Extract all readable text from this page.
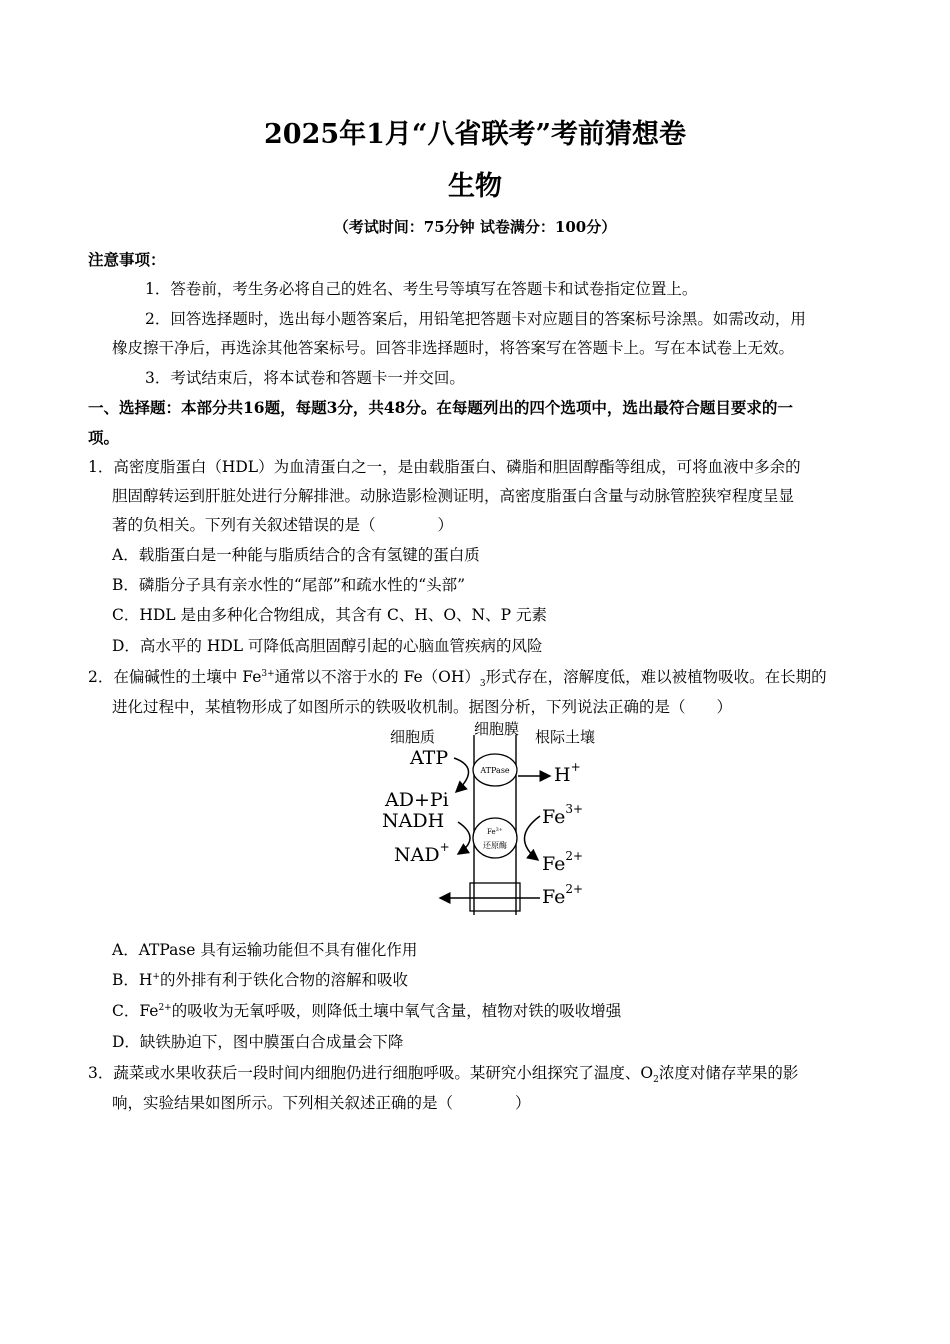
2025年1月“八省联考”考前猜想卷
生物
（考试时间：75分钟 试卷满分：100分）
注意事项：
1．答卷前，考生务必将自己的姓名、考生号等填写在答题卡和试卷指定位置上。
2．回答选择题时，选出每小题答案后，用铅笔把答题卡对应题目的答案标号涂黑。如需改动，用
橡皮擦干净后，再选涂其他答案标号。回答非选择题时，将答案写在答题卡上。写在本试卷上无效。
3．考试结束后，将本试卷和答题卡一并交回。
一、选择题：本部分共16题，每题3分，共48分。在每题列出的四个选项中，选出最符合题目要求的一
项。
1．高密度脂蛋白（HDL）为血清蛋白之一，是由载脂蛋白、磷脂和胆固醇酯等组成，可将血液中多余的
胆固醇转运到肝脏处进行分解排泄。动脉造影检测证明，高密度脂蛋白含量与动脉管腔狭窄程度呈显
著的负相关。下列有关叙述错误的是（　　　　）
A．载脂蛋白是一种能与脂质结合的含有氢键的蛋白质
B．磷脂分子具有亲水性的“尾部”和疏水性的“头部”
C．HDL 是由多种化合物组成，其含有 C、H、O、N、P 元素
D．高水平的 HDL 可降低高胆固醇引起的心脑血管疾病的风险
2．在偏碱性的土壤中 $Fe^{3+}$通常以不溶于水的 $Fe(OH)_3$形式存在，溶解度低，难以被植物吸收。在长期的
进化过程中，某植物形成了如图所示的铁吸收机制。据图分析，下列说法正确的是（　　）
细胞质	细胞膜 根际土壤
ATPase
$Fe^{3+}$
还原酶
ATP
AD+Pi
H+
NADH
NAD+
$Fe^{3+}$
$Fe^{2+}$
$Fe^{2+}$
A．ATPase 具有运输功能但不具有催化作用
B．H+的外排有利于铁化合物的溶解和吸收
C．$Fe^{2+}$的吸收为无氧呼吸，则降低土壤中氧气含量，植物对铁的吸收增强
D．缺铁胁迫下，图中膜蛋白合成量会下降
3．蔬菜或水果收获后一段时间内细胞仍进行细胞呼吸。某研究小组探究了温度、$O_2$浓度对储存苹果的影
响，实验结果如图所示。下列相关叙述正确的是（　　　　）
